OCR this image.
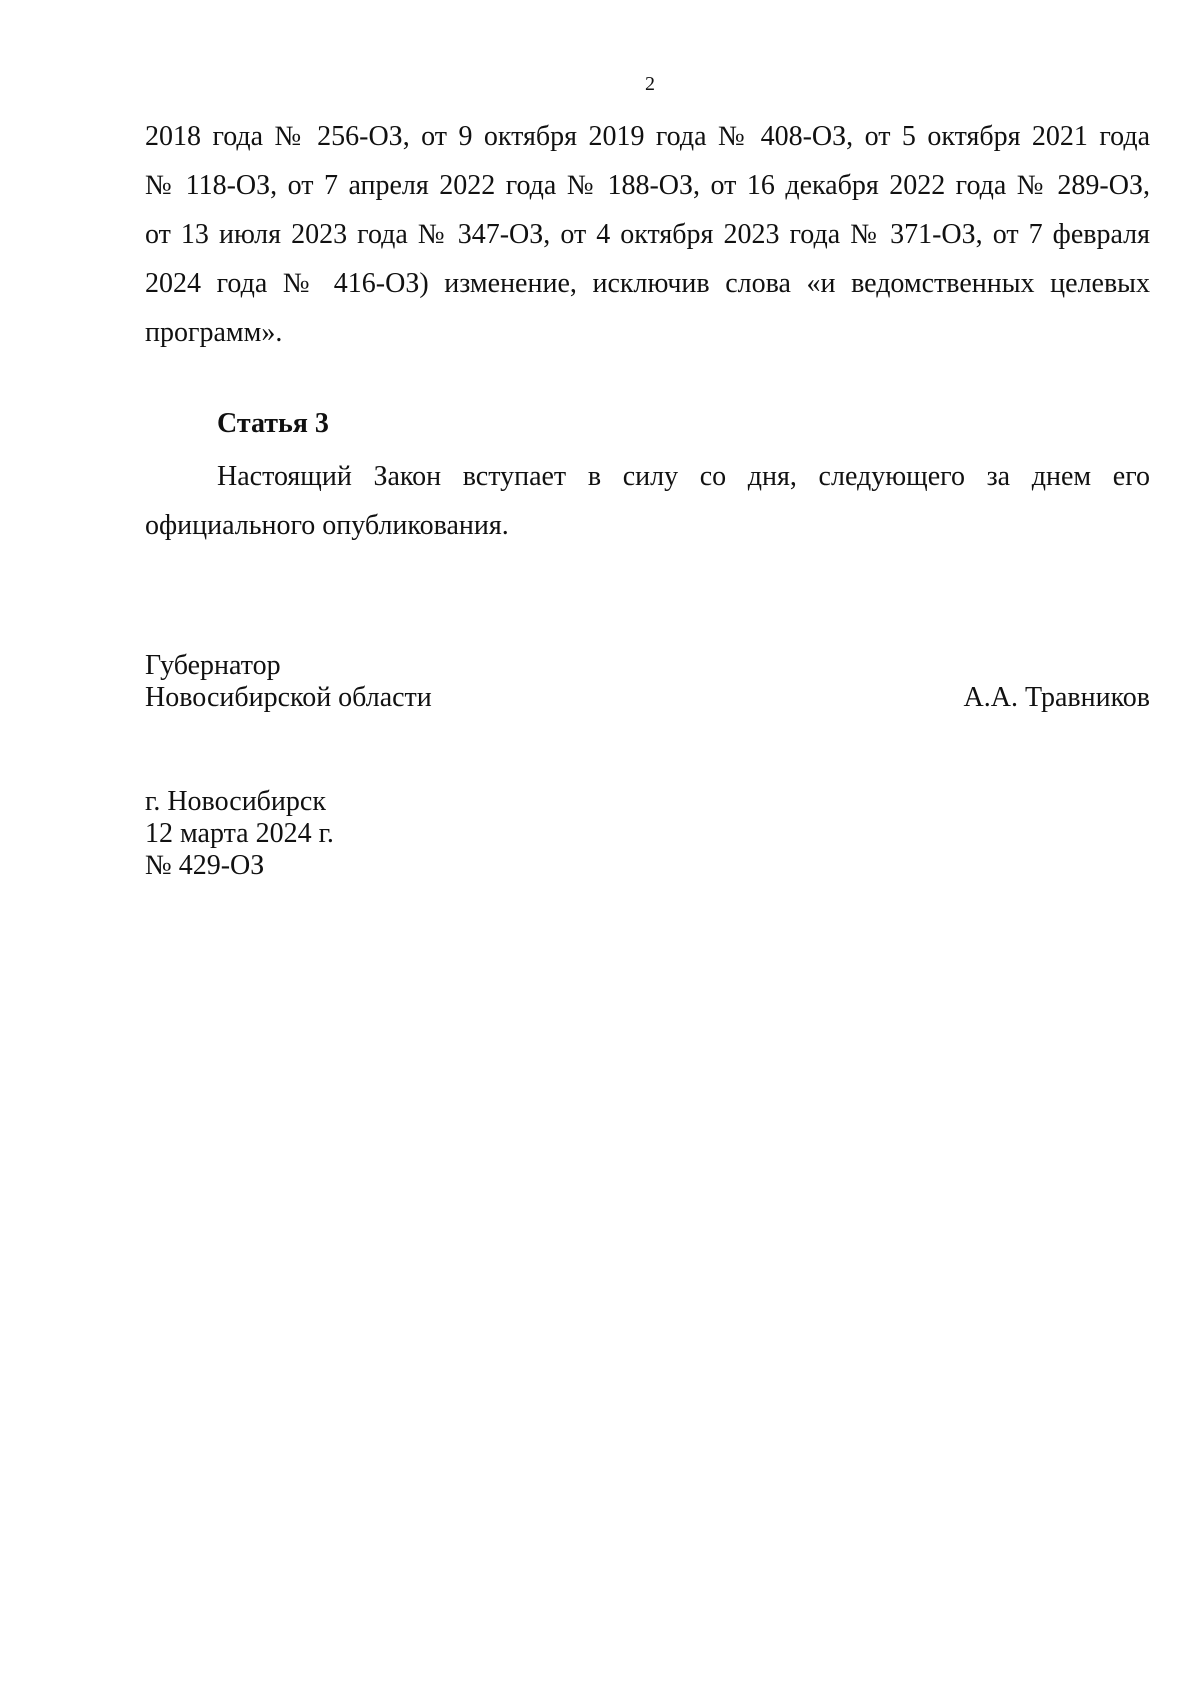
2
2018 года № 256-ОЗ, от 9 октября 2019 года № 408-ОЗ, от 5 октября 2021 года
№ 118-ОЗ, от 7 апреля 2022 года № 188-ОЗ, от 16 декабря 2022 года № 289-ОЗ,
от 13 июля 2023 года № 347-ОЗ, от 4 октября 2023 года № 371-ОЗ, от 7 февраля
2024 года № 416-ОЗ) изменение, исключив слова «и ведомственных целевых
программ».
Статья 3
Настоящий Закон вступает в силу со дня, следующего за днем его
официального опубликования.
Губернатор
Новосибирской области	А.А. Травников
г. Новосибирск
12 марта 2024 г.
№ 429-ОЗ
